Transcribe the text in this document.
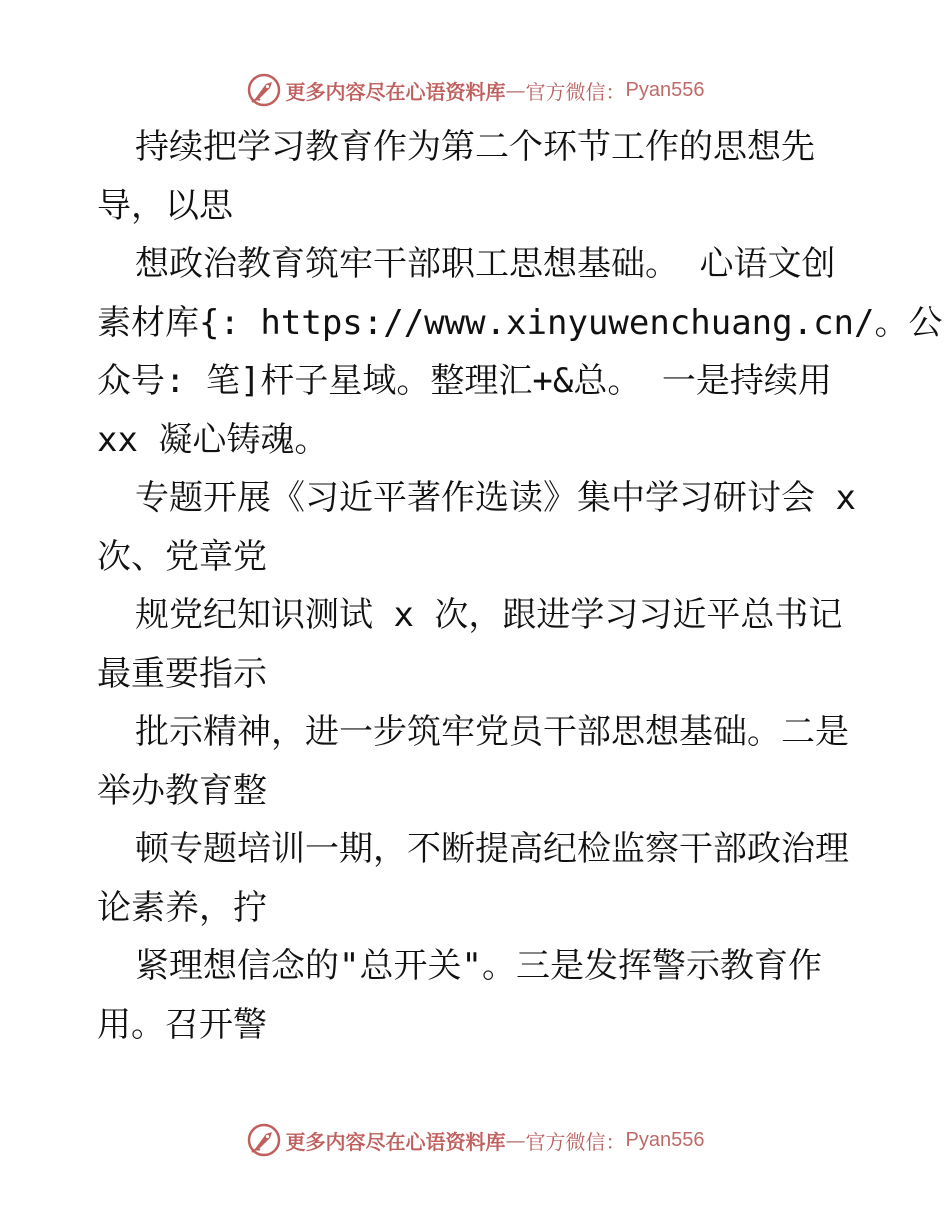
更多内容尽在心语资料库 — 官方微信： Pyan556
持续把学习教育作为第二个环节工作的思想先
导，以思
想政治教育筑牢干部职工思想基础。 心语文创
素材库{: https://www.xinyuwenchuang.cn/。公
众号: 笔]杆子星域。整理汇+&总。 一是持续用
xx 凝心铸魂。
专题开展《习近平著作选读》集中学习研讨会 x
次、党章党
规党纪知识测试 x 次，跟进学习习近平总书记
最重要指示
批示精神，进一步筑牢党员干部思想基础。二是
举办教育整
顿专题培训一期，不断提高纪检监察干部政治理
论素养，拧
紧理想信念的"总开关"。三是发挥警示教育作
用。召开警
更多内容尽在心语资料库 — 官方微信： Pyan556
